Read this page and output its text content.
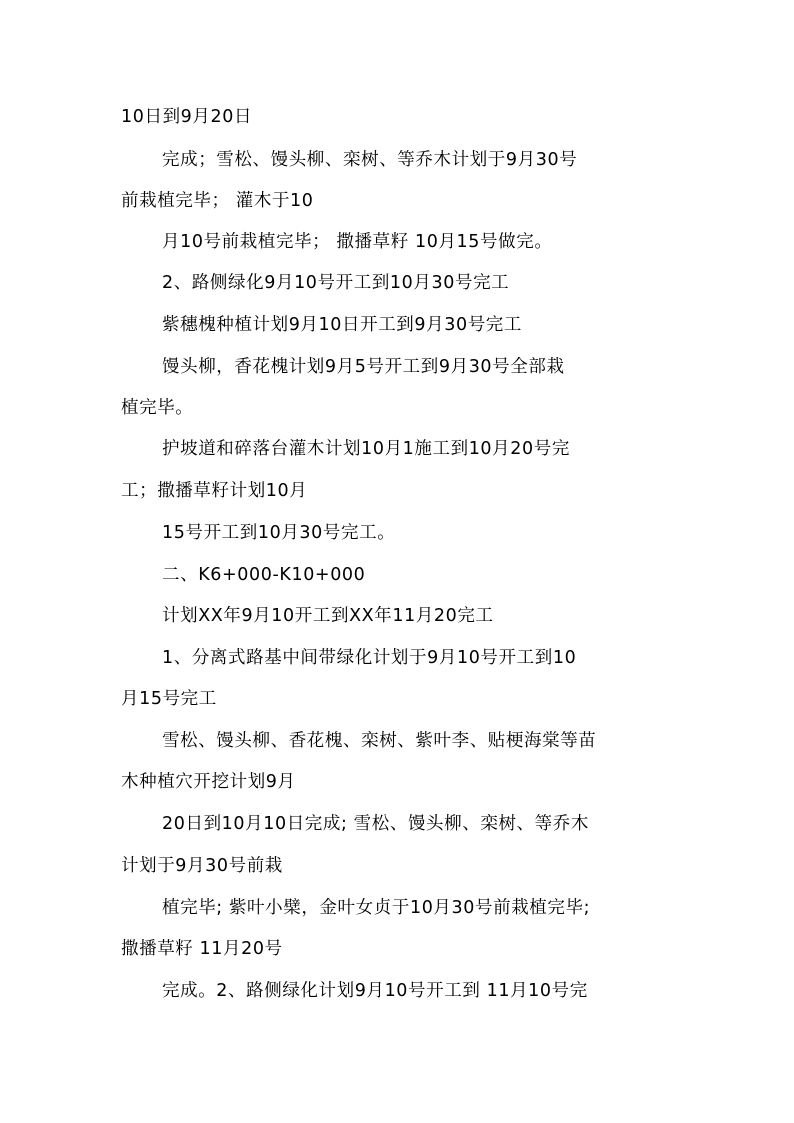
10日到9月20日
完成；雪松、馒头柳、栾树、等乔木计划于9月30号
前栽植完毕； 灌木于10
月10号前栽植完毕； 撒播草籽 10月15号做完。
2、路侧绿化9月10号开工到10月30号完工
紫穗槐种植计划9月10日开工到9月30号完工
馒头柳，香花槐计划9月5号开工到9月30号全部栽
植完毕。
护坡道和碎落台灌木计划10月1施工到10月20号完
工；撒播草籽计划10月
15号开工到10月30号完工。
二、K6+000-K10+000
计划XX年9月10开工到XX年11月20完工
1、分离式路基中间带绿化计划于9月10号开工到10
月15号完工
雪松、馒头柳、香花槐、栾树、紫叶李、贴梗海棠等苗
木种植穴开挖计划9月
20日到10月10日完成; 雪松、馒头柳、栾树、等乔木
计划于9月30号前栽
植完毕; 紫叶小檗，金叶女贞于10月30号前栽植完毕;
撒播草籽 11月20号
完成。2、路侧绿化计划9月10号开工到 11月10号完
